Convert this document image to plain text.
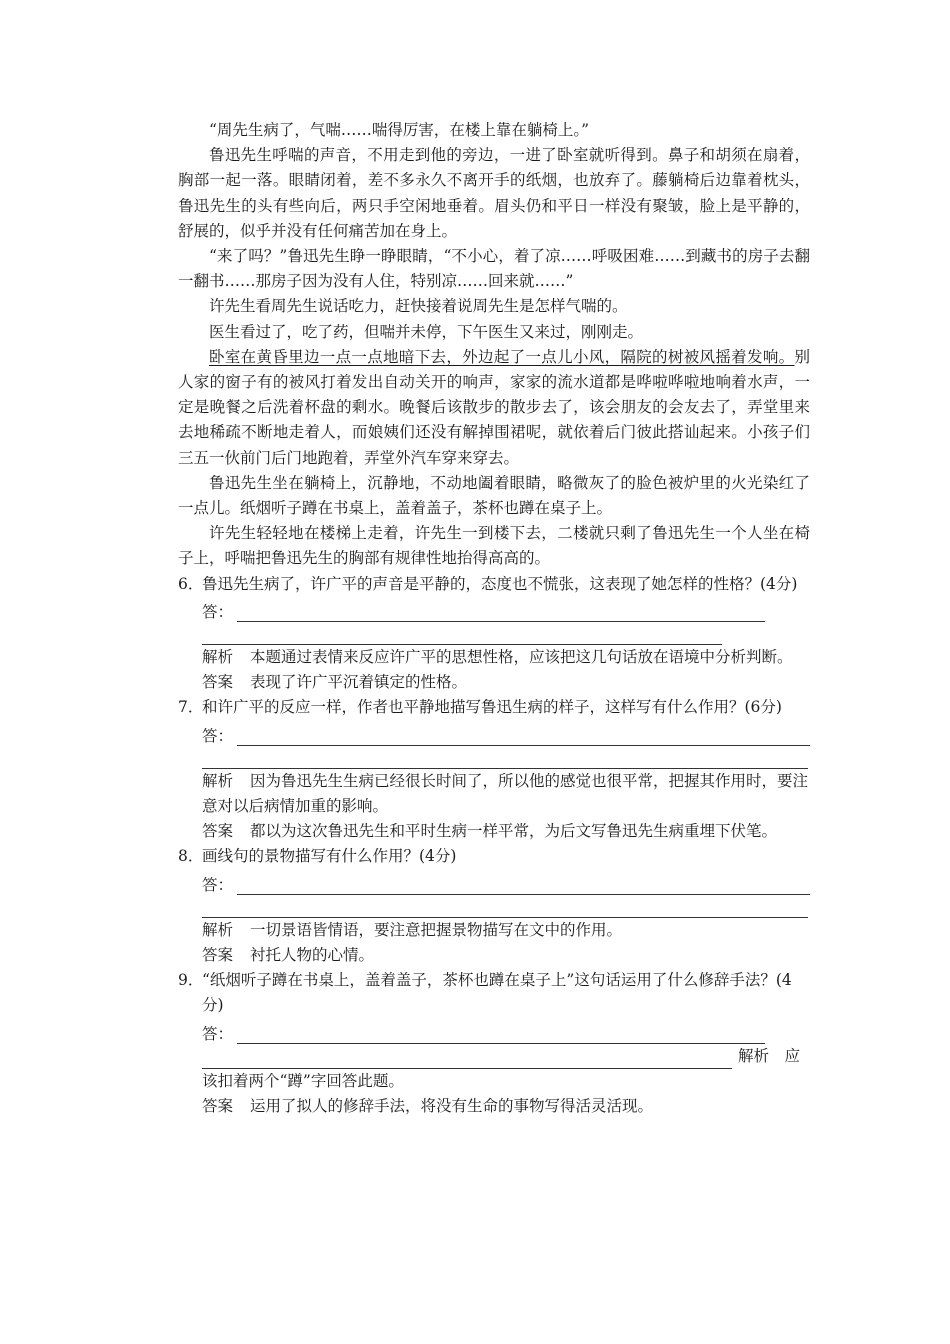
“周先生病了，气喘……喘得厉害，在楼上靠在躺椅上。”

鲁迅先生呼喘的声音，不用走到他的旁边，一进了卧室就听得到。鼻子和胡须在扇着，胸部一起一落。眼睛闭着，差不多永久不离开手的纸烟，也放弃了。藤躺椅后边靠着枕头，鲁迅先生的头有些向后，两只手空闲地垂着。眉头仍和平日一样没有聚皱，脸上是平静的，舒展的，似乎并没有任何痛苦加在身上。

“来了吗？”鲁迅先生睁一睁眼睛，“不小心，着了凉……呼吸困难……到藏书的房子去翻一翻书……那房子因为没有人住，特别凉……回来就……”

许先生看周先生说话吃力，赶快接着说周先生是怎样气喘的。

医生看过了，吃了药，但喘并未停，下午医生又来过，刚刚走。

卧室在黄昏里边一点一点地暗下去，外边起了一点儿小风，隔院的树被风摇着发响。别人家的窗子有的被风打着发出自动关开的响声，家家的流水道都是哗啦哗啦地响着水声，一定是晚餐之后洗着杯盘的剩水。晚餐后该散步的散步去了，该会朋友的会友去了，弄堂里来去地稀疏不断地走着人，而娘姨们还没有解掉围裙呢，就依着后门彼此搭讪起来。小孩子们三五一伙前门后门地跑着，弄堂外汽车穿来穿去。

鲁迅先生坐在躺椅上，沉静地，不动地阖着眼睛，略微灰了的脸色被炉里的火光染红了一点儿。纸烟听子蹲在书桌上，盖着盖子，茶杯也蹲在桌子上。

许先生轻轻地在楼梯上走着，许先生一到楼下去，二楼就只剩了鲁迅先生一个人坐在椅子上，呼喘把鲁迅先生的胸部有规律性地抬得高高的。

6．
鲁迅先生病了，许广平的声音是平静的，态度也不慌张，这表现了她怎样的性格？(4分)

答：

解析 本题通过表情来反应许广平的思想性格，应该把这几句话放在语境中分析判断。

答案 表现了许广平沉着镇定的性格。

7．
和许广平的反应一样，作者也平静地描写鲁迅生病的样子，这样写有什么作用？(6分)

答：

解析 因为鲁迅先生生病已经很长时间了，所以他的感觉也很平常，把握其作用时，要注意对以后病情加重的影响。

答案 都以为这次鲁迅先生和平时生病一样平常，为后文写鲁迅先生病重埋下伏笔。

8．
画线句的景物描写有什么作用？(4分)

答：

解析 一切景语皆情语，要注意把握景物描写在文中的作用。

答案 衬托人物的心情。

9．
“纸烟听子蹲在书桌上，盖着盖子，茶杯也蹲在桌子上”这句话运用了什么修辞手法？(4分)

答：
解析　应

该扣着两个“蹲”字回答此题。

答案 运用了拟人的修辞手法，将没有生命的事物写得活灵活现。
